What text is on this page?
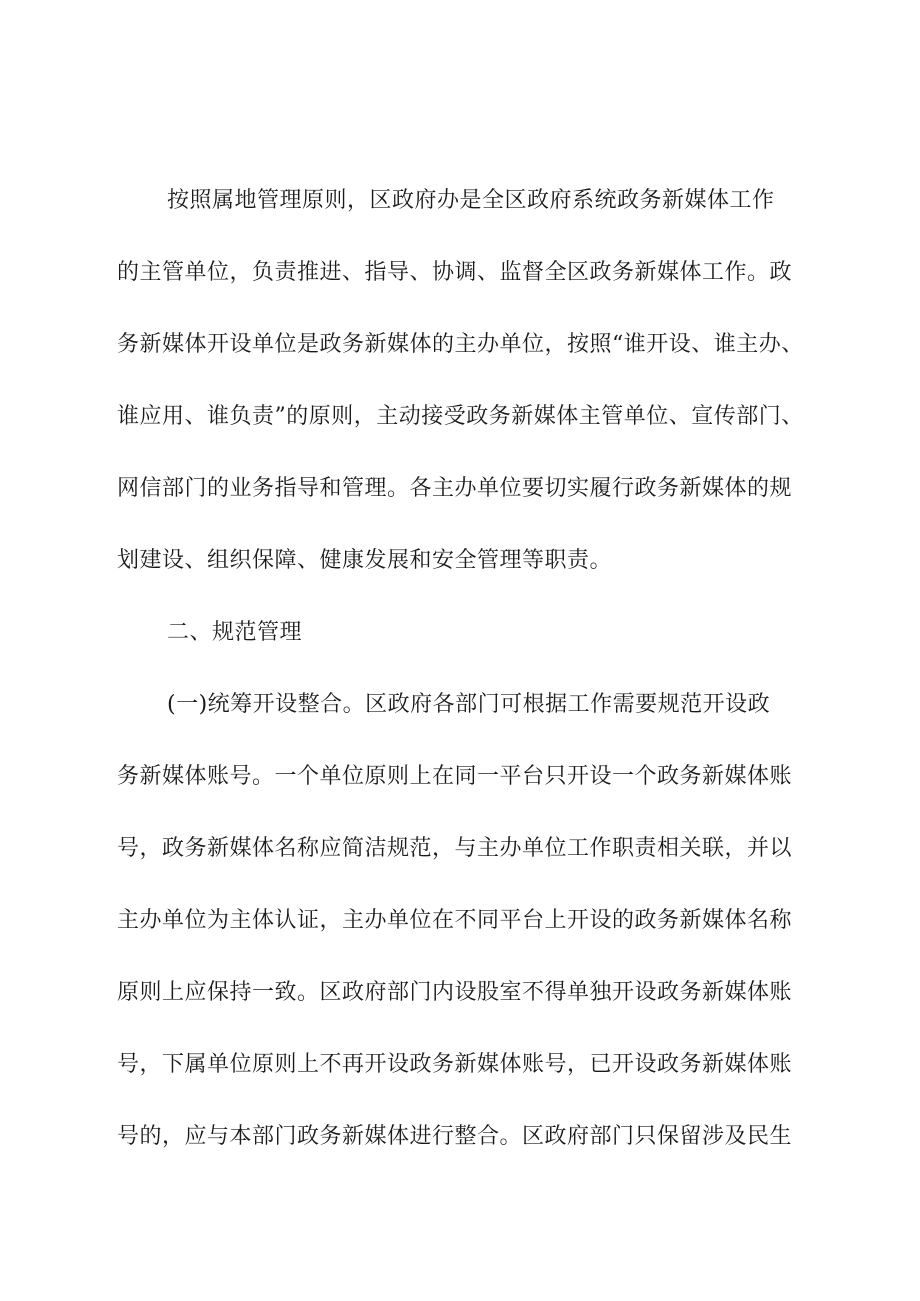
按照属地管理原则，区政府办是全区政府系统政务新媒体工作
的主管单位，负责推进、指导、协调、监督全区政务新媒体工作。政
务新媒体开设单位是政务新媒体的主办单位，按照“谁开设、谁主办、
谁应用、谁负责”的原则，主动接受政务新媒体主管单位、宣传部门、
网信部门的业务指导和管理。各主办单位要切实履行政务新媒体的规
划建设、组织保障、健康发展和安全管理等职责。
二、规范管理
(一)统筹开设整合。区政府各部门可根据工作需要规范开设政
务新媒体账号。一个单位原则上在同一平台只开设一个政务新媒体账
号，政务新媒体名称应简洁规范，与主办单位工作职责相关联，并以
主办单位为主体认证，主办单位在不同平台上开设的政务新媒体名称
原则上应保持一致。区政府部门内设股室不得单独开设政务新媒体账
号，下属单位原则上不再开设政务新媒体账号，已开设政务新媒体账
号的，应与本部门政务新媒体进行整合。区政府部门只保留涉及民生
